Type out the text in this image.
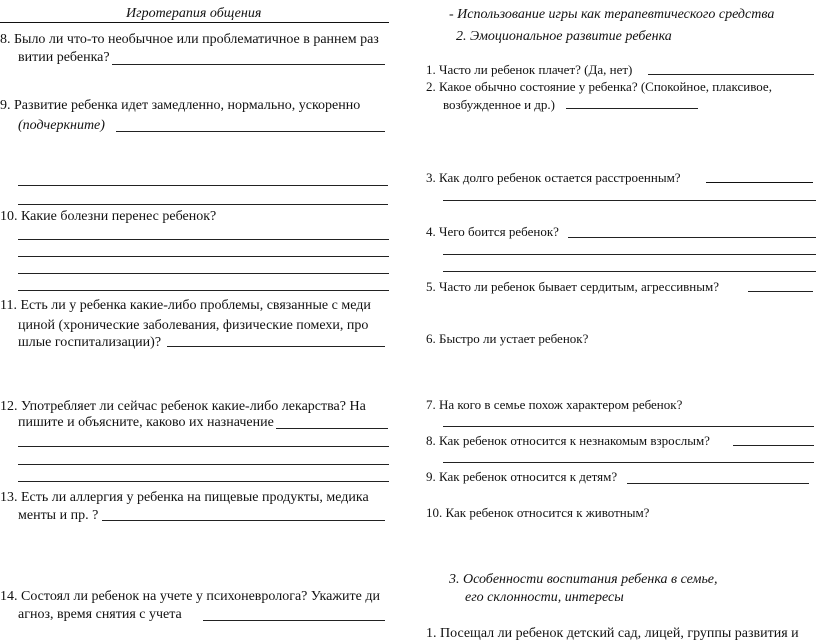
Игротерапия общения
8. Было ли что-то необычное или проблематичное в раннем раз
витии ребенка?
9. Развитие ребенка идет замедленно, нормально, ускоренно
(подчеркните)
10. Какие болезни перенес ребенок?
11. Есть ли у ребенка какие-либо проблемы, связанные с меди
циной (хронические заболевания, физические помехи, про
шлые госпитализации)?
12. Употребляет ли сейчас ребенок какие-либо лекарства? На
пишите и объясните, каково их назначение
13. Есть ли аллергия у ребенка на пищевые продукты, медика
менты и пр. ?
14. Состоял ли ребенок на учете у психоневролога? Укажите ди
агноз, время снятия с учета
- Использование игры как терапевтического средства
2. Эмоциональное развитие ребенка
1. Часто ли ребенок плачет? (Да, нет)
2. Какое обычно состояние у ребенка? (Спокойное, плаксивое,
возбужденное и др.)
3. Как долго ребенок остается расстроенным?
4. Чего боится ребенок?
5. Часто ли ребенок бывает сердитым, агрессивным?
6. Быстро ли устает ребенок?
7. На кого в семье похож характером ребенок?
8. Как ребенок относится к незнакомым взрослым?
9. Как ребенок относится к детям?
10. Как ребенок относится к животным?
3. Особенности воспитания ребенка в семье,
его склонности, интересы
1. Посещал ли ребенок детский сад, лицей, группы развития и
